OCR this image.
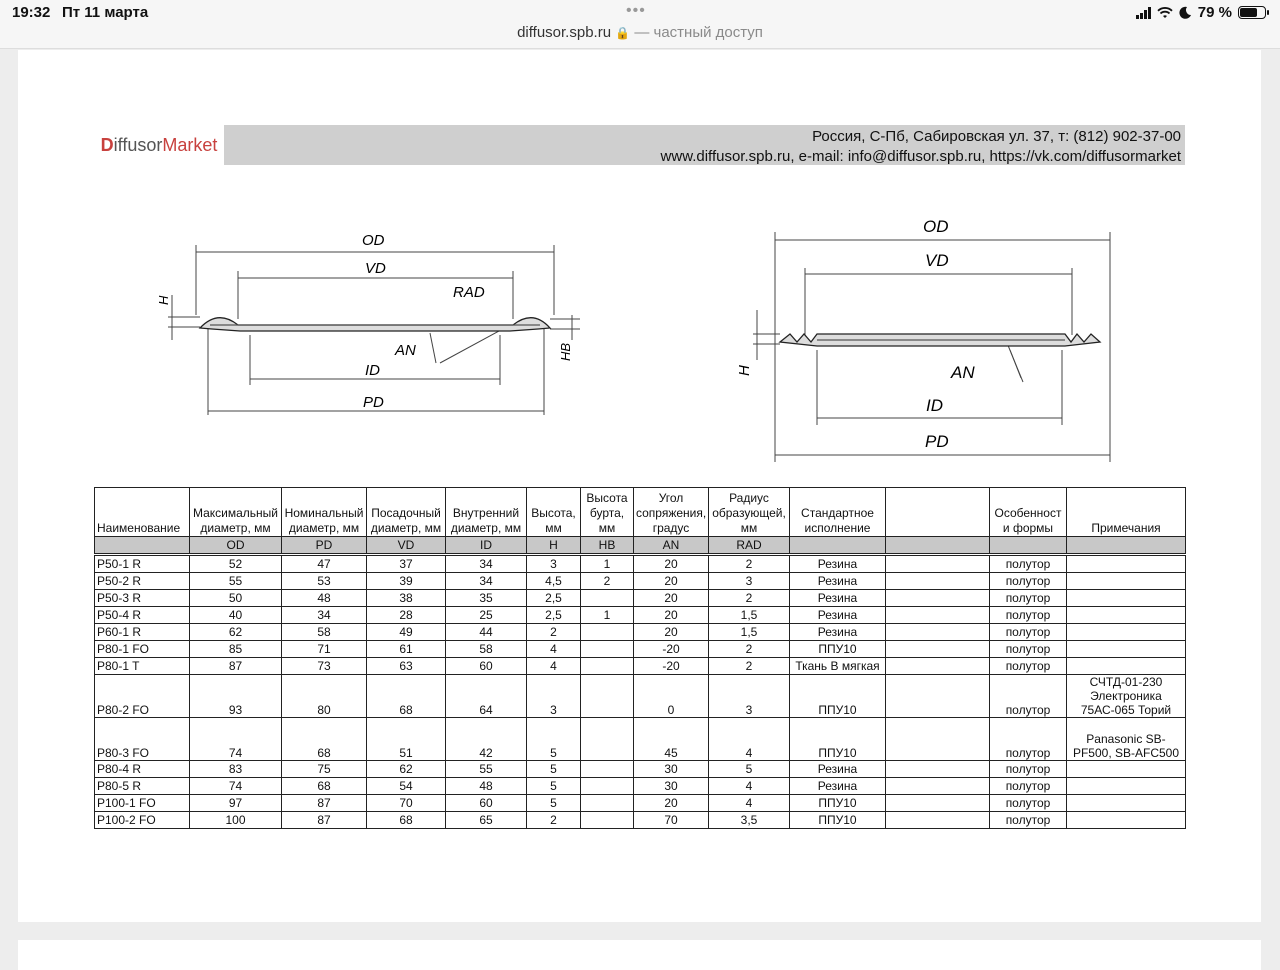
19:32 Пт 11 марта	•••	79 %
diffusor.spb.ru 🔒 — частный доступ
D iffusor Market	Россия, С-Пб, Сабировская ул. 37, т: (812) 902-37-00
www.diffusor.spb.ru, e-mail: info@diffusor.spb.ru, https://vk.com/diffusormarket
OD
VD
RAD
H
HB
AN
ID
PD
OD
VD
H	AN
ID
PD
Наименование	Максимальный диаметр, мм	Номинальный диаметр, мм	Посадочный диаметр, мм	Внутренний диаметр, мм	Высота, мм	Высота бурта, мм	Угол сопряжения, градус	Радиус образующей, мм	Стандартное исполнение		Особенност и формы	Примечания
	OD	PD	VD	ID	H	HB	AN	RAD				
P50-1 R	52	47	37	34	3	1	20	2	Резина		полутор	
P50-2 R	55	53	39	34	4,5	2	20	3	Резина		полутор	
P50-3 R	50	48	38	35	2,5		20	2	Резина		полутор	
P50-4 R	40	34	28	25	2,5	1	20	1,5	Резина		полутор	
P60-1 R	62	58	49	44	2		20	1,5	Резина		полутор	
P80-1 FO	85	71	61	58	4		-20	2	ППУ10		полутор	
P80-1 T	87	73	63	60	4		-20	2	Ткань В мягкая		полутор	
P80-2 FO	93	80	68	64	3		0	3	ППУ10		полутор	СЧТД-01-230 Электроника 75АС-065 Торий
P80-3 FO	74	68	51	42	5		45	4	ППУ10		полутор	Panasonic SB-PF500, SB-AFC500
P80-4 R	83	75	62	55	5		30	5	Резина		полутор	
P80-5 R	74	68	54	48	5		30	4	Резина		полутор	
P100-1 FO	97	87	70	60	5		20	4	ППУ10		полутор	
P100-2 FO	100	87	68	65	2		70	3,5	ППУ10		полутор	
